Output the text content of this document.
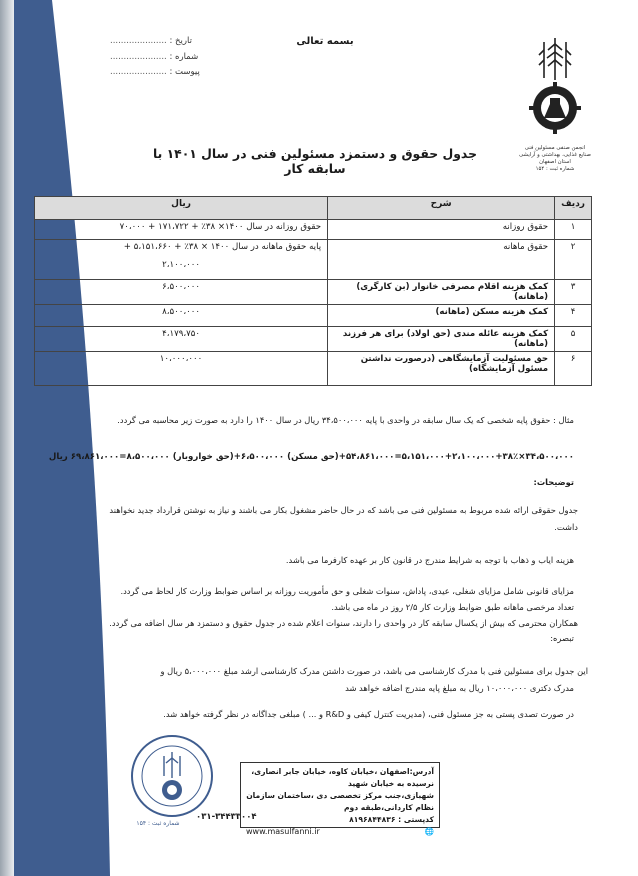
بسمه تعالی
تاریخ : .....................
شماره : .....................
پیوست : .....................
انجمن صنفی مسئولین فنی
صنایع غذایی، بهداشتی و آرایشی
استان اصفهان
شماره ثبت : ۱۵۴
جدول حقوق و دستمزد مسئولین فنی در سال ۱۴۰۱ با سابقه کار
ردیف	شرح	ریال
۱	حقوق روزانه	حقوق روزانه در سال ۱۴۰۰× ۳۸٪ + ۱۷۱،۷۲۲ + ۷۰،۰۰۰
۲	حقوق ماهانه	پایه حقوق ماهانه در سال ۱۴۰۰ × ۳۸٪ + ۵،۱۵۱،۶۶۰ +
۲،۱۰۰،۰۰۰

۳	کمک هزینه اقلام مصرفی خانوار (بن کارگری) (ماهانه)	۶،۵۰۰،۰۰۰
۴	کمک هزینه مسکن (ماهانه)	۸،۵۰۰،۰۰۰
۵	کمک هزینه عائله مندی (حق اولاد) برای هر فرزند (ماهانه)	۴،۱۷۹،۷۵۰
۶	حق مسئولیت آزمایشگاهی (درصورت نداشتن مسئول آزمایشگاه)	۱۰،۰۰۰،۰۰۰
مثال : حقوق پایه شخصی که یک سال سابقه در واحدی با پایه ۳۴،۵۰۰،۰۰۰ ریال در سال ۱۴۰۰ را دارد به صورت زیر محاسبه می گردد.
۳۴،۵۰۰،۰۰۰×۳۸٪+۵،۱۵۱،۰۰۰+۲،۱۰۰،۰۰۰=۵۴،۸۶۱،۰۰۰+(حق مسکن) ۶،۵۰۰،۰۰۰+(حق خواروبار) ۸،۵۰۰،۰۰۰=۶۹،۸۶۱،۰۰۰ ریال
توضیحات:
جدول حقوقی ارائه شده مربوط به مسئولین فنی می باشد که در حال حاضر مشغول بکار می باشند و نیاز به نوشتن قرارداد جدید نخواهند
داشت.
هزینه ایاب و ذهاب با توجه به شرایط مندرج در قانون کار بر عهده کارفرما می باشد.
مزایای قانونی شامل مزایای شغلی، عیدی، پاداش، سنوات شغلی و حق مأموریت روزانه بر اساس ضوابط وزارت کار لحاظ می گردد.
تعداد مرخصی ماهانه طبق ضوابط وزارت کار ۲/۵ روز در ماه می باشد.
همکاران محترمی که بیش از یکسال سابقه کار در واحدی را دارند، سنوات اعلام شده در جدول حقوق و دستمزد هر سال اضافه می گردد.
تبصره:
این جدول برای مسئولین فنی با مدرک کارشناسی می باشد، در صورت داشتن مدرک کارشناسی ارشد مبلغ ۵،۰۰۰،۰۰۰ ریال و
مدرک دکتری ۱۰،۰۰۰،۰۰۰ ریال به مبلغ پایه مندرج اضافه خواهد شد
در صورت تصدی پستی به جز مسئول فنی، (مدیریت کنترل کیفی و R&D و ... ) مبلغی جداگانه در نظر گرفته خواهد شد.
شماره ثبت : ۱۵۴
۰۳۱-۳۴۴۳۳۰۰۴
آدرس:اصفهان ،خیابان کاوه، خیابان جابر انصاری، نرسیده به خیابان شهید
شهبازی،جنب مرکز تخصصی دی ،ساختمان سازمان نظام کاردانی،طبقه دوم
کدپستی : ۸۱۹۶۸۴۴۸۳۶
🌐
www.masulfanni.ir
